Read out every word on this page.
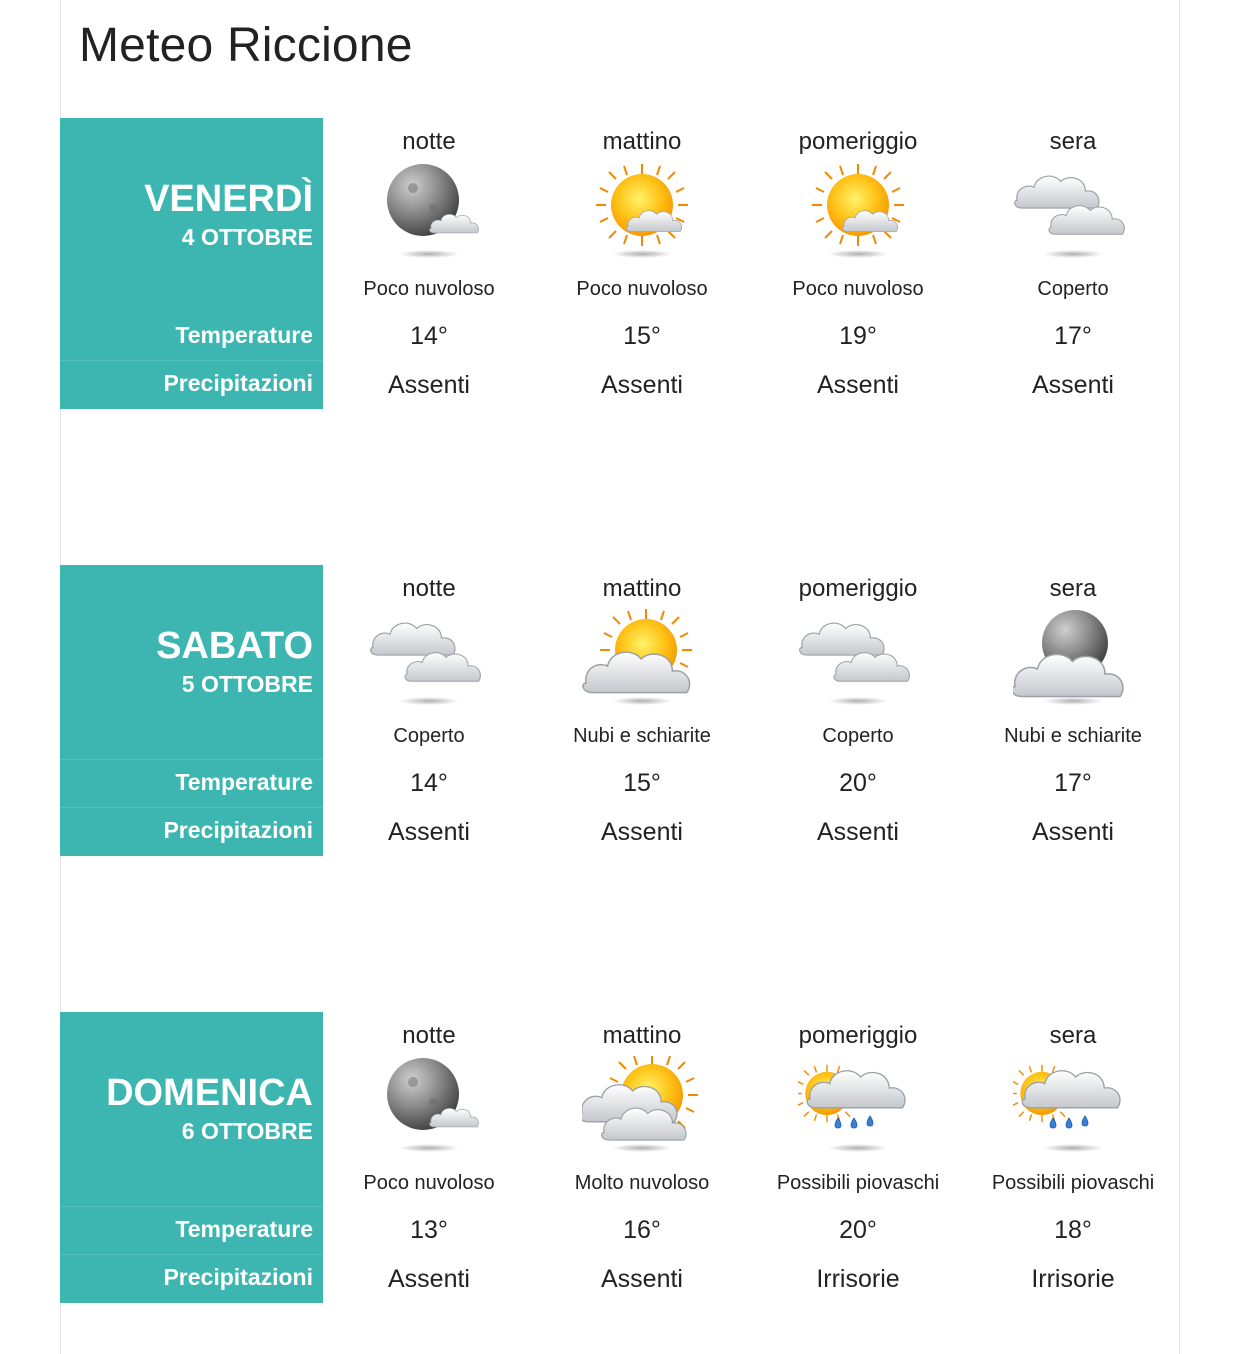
Meteo Riccione
VENERDÌ
4 OTTOBRE
Temperature
Precipitazioni
notte
Poco nuvoloso
14°
Assenti
mattino
Poco nuvoloso
15°
Assenti
pomeriggio
Poco nuvoloso
19°
Assenti
sera
Coperto
17°
Assenti
SABATO
5 OTTOBRE
Temperature
Precipitazioni
notte
Coperto
14°
Assenti
mattino
Nubi e schiarite
15°
Assenti
pomeriggio
Coperto
20°
Assenti
sera
Nubi e schiarite
17°
Assenti
DOMENICA
6 OTTOBRE
Temperature
Precipitazioni
notte
Poco nuvoloso
13°
Assenti
mattino
Molto nuvoloso
16°
Assenti
pomeriggio
Possibili piovaschi
20°
Irrisorie
sera
Possibili piovaschi
18°
Irrisorie
